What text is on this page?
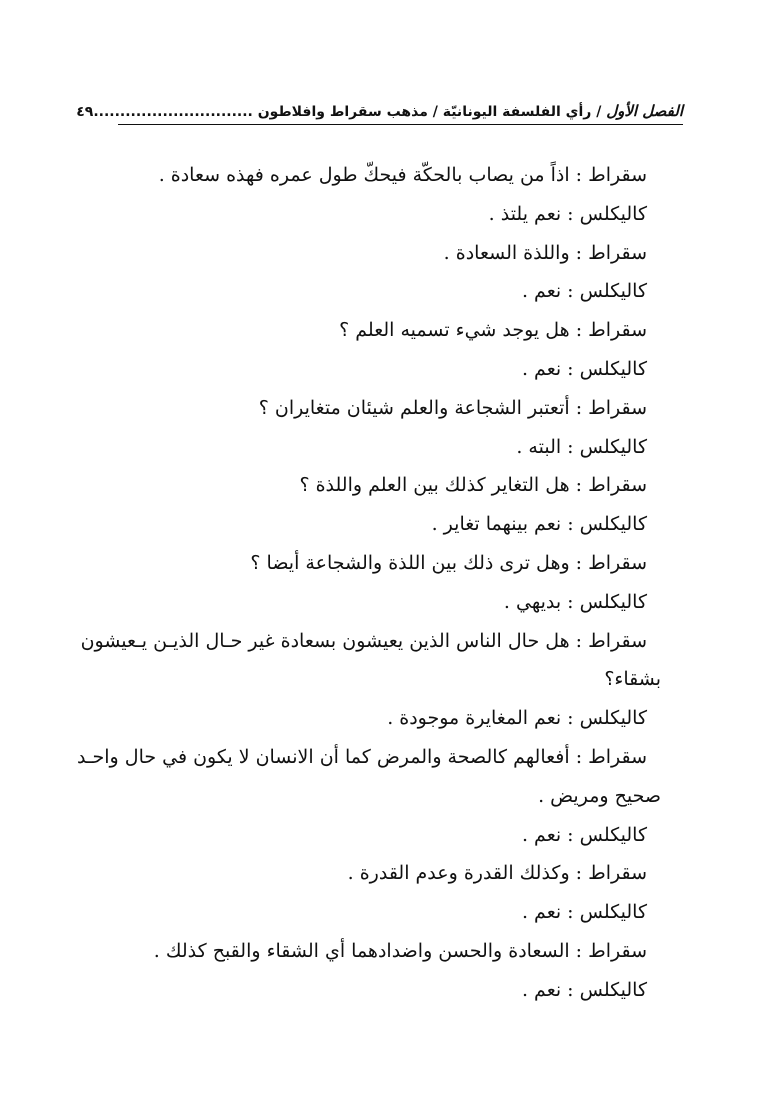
الفصل الأول / رأي الفلسفة اليونانيّة / مذهب سقراط وافلاطون ..............................
٤٩
سقراط : اذاً من يصاب بالحكّة فيحكّ طول عمره فهذه سعادة .
كاليكلس : نعم يلتذ .
سقراط : واللذة السعادة .
كاليكلس : نعم .
سقراط : هل يوجد شيء تسميه العلم ؟
كاليكلس : نعم .
سقراط : أتعتبر الشجاعة والعلم شيئان متغايران ؟
كاليكلس : البته .
سقراط : هل التغاير كذلك بين العلم واللذة ؟
كاليكلس : نعم بينهما تغاير .
سقراط : وهل ترى ذلك بين اللذة والشجاعة أيضا ؟
كاليكلس : بديهي .
سقراط : هل حال الناس الذين يعيشون بسعادة غير حـال الذيـن يـعيشون
بشقاء؟
كاليكلس : نعم المغايرة موجودة .
سقراط : أفعالهم كالصحة والمرض كما أن الانسان لا يكون في حال واحـد
صحيح ومريض .
كاليكلس : نعم .
سقراط : وكذلك القدرة وعدم القدرة .
كاليكلس : نعم .
سقراط : السعادة والحسن واضدادهما أي الشقاء والقبح كذلك .
كاليكلس : نعم .
